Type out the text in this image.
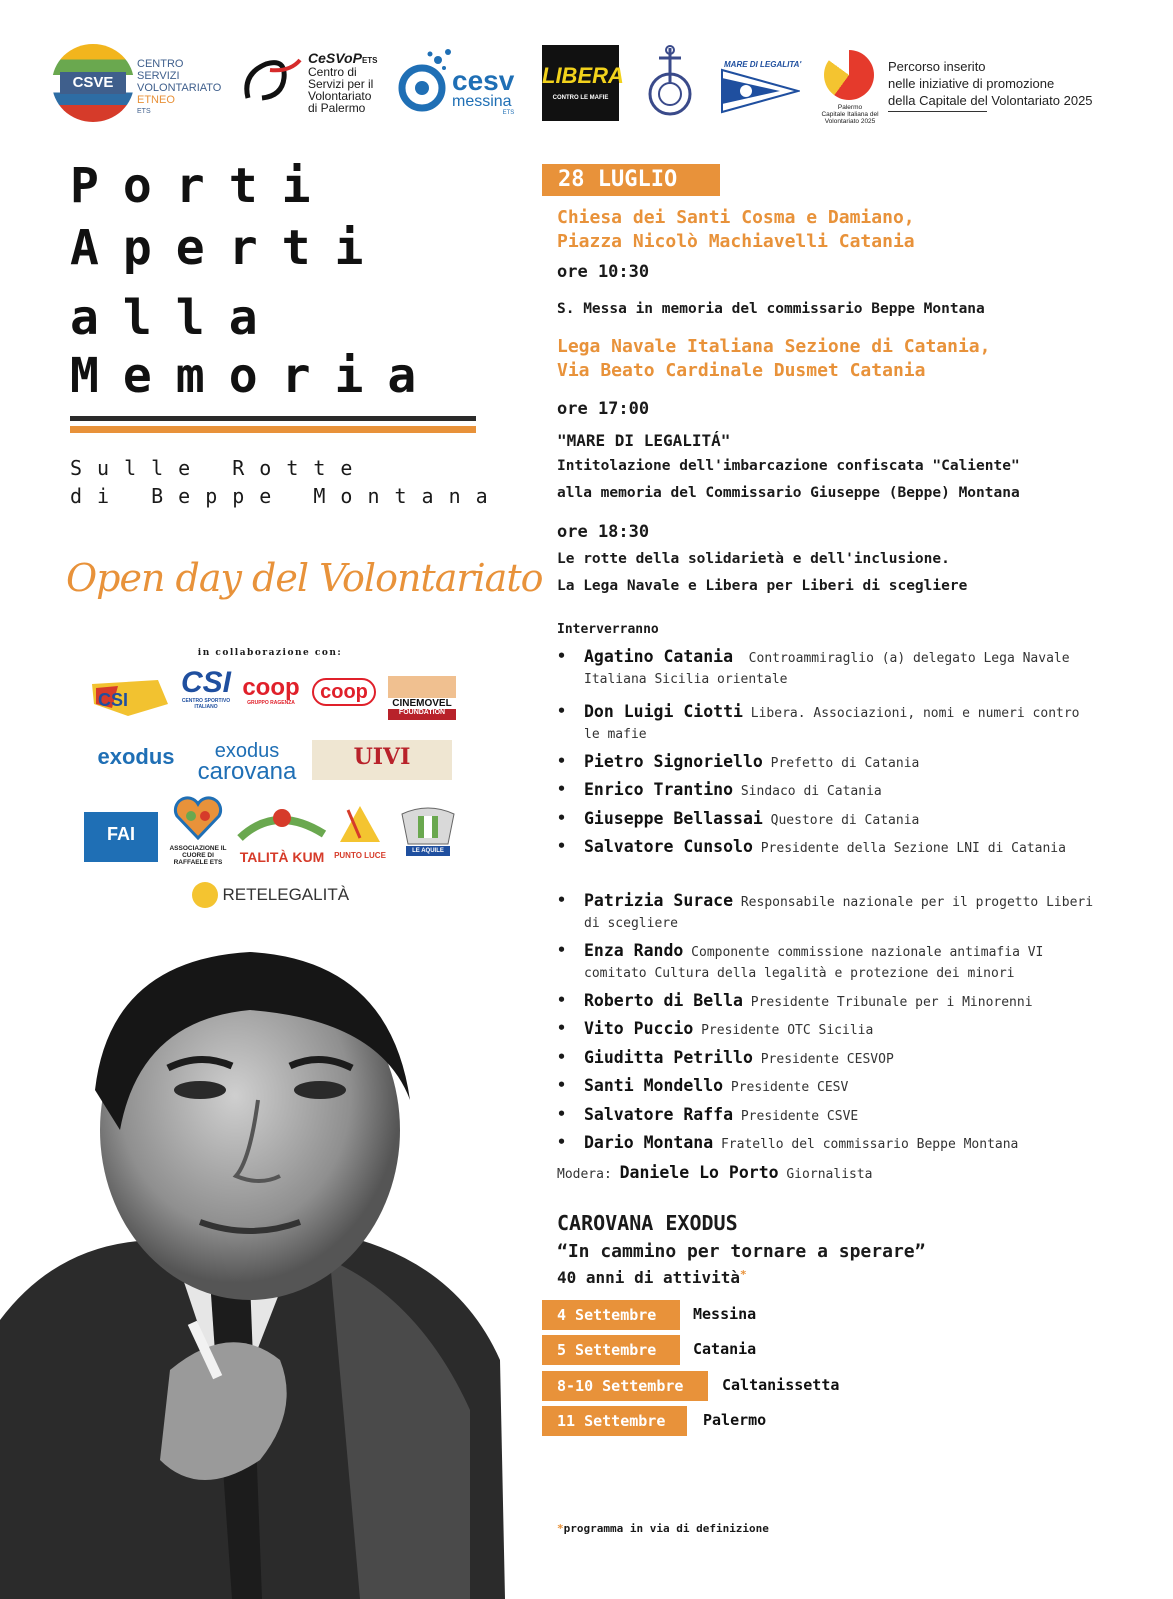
CSVE
CENTRO
SERVIZI
VOLONTARIATO
ETNEO
ETS
CeSVoPETS
Centro di
Servizi per il
Volontariato
di Palermo
cesv
messina
ETS
LIBERA
CONTRO LE MAFIE
MARE DI LEGALITA'
Palermo
Capitale Italiana del
Volontariato 2025
Percorso inserito
nelle iniziative di promozione
della Capitale del Volontariato 2025
Porti
Aperti
alla
Memoria
Sulle Rotte
di Beppe Montana
Open day del Volontariato
in collaborazione con:
CSI
CSI
CENTRO SPORTIVO ITALIANO
coop
GRUPPO RAGENZA	coop
CINEMOVEL
FOUNDATION
exodus	exodus
carovana
UIVI
FAI
ASSOCIAZIONE IL CUORE DI RAFFAELE ETS	TALITÀ KUM	PUNTO LUCE	LE AQUILE
RETELEGALITÀ
28 LUGLIO
Chiesa dei Santi Cosma e Damiano,
Piazza Nicolò Machiavelli Catania
ore 10:30
S. Messa in memoria del commissario Beppe Montana
Lega Navale Italiana Sezione di Catania,
Via Beato Cardinale Dusmet Catania
ore 17:00
"MARE DI LEGALITÁ"
Intitolazione dell'imbarcazione confiscata "Caliente"
alla memoria del Commissario Giuseppe (Beppe) Montana
ore 18:30
Le rotte della solidarietà e dell'inclusione.
La Lega Navale e Libera per Liberi di scegliere
Interverranno
• Agatino Catania Controammiraglio (a) delegato Lega Navale Italiana Sicilia orientale
• Don Luigi Ciotti Libera. Associazioni, nomi e numeri contro le mafie
• Pietro Signoriello Prefetto di Catania
• Enrico Trantino Sindaco di Catania
• Giuseppe Bellassai Questore di Catania
• Salvatore Cunsolo Presidente della Sezione LNI di Catania
• Patrizia Surace Responsabile nazionale per il progetto Liberi di scegliere
• Enza Rando Componente commissione nazionale antimafia VI comitato Cultura della legalità e protezione dei minori
• Roberto di Bella Presidente Tribunale per i Minorenni
• Vito Puccio Presidente OTC Sicilia
• Giuditta Petrillo Presidente CESVOP
• Santi Mondello Presidente CESV
• Salvatore Raffa Presidente CSVE
• Dario Montana Fratello del commissario Beppe Montana
Modera: Daniele Lo Porto Giornalista
CAROVANA EXODUS
“In cammino per tornare a sperare”
40 anni di attività*
4 Settembre	Messina
5 Settembre	Catania
8-10 Settembre	Caltanissetta
11 Settembre	Palermo
*programma in via di definizione
